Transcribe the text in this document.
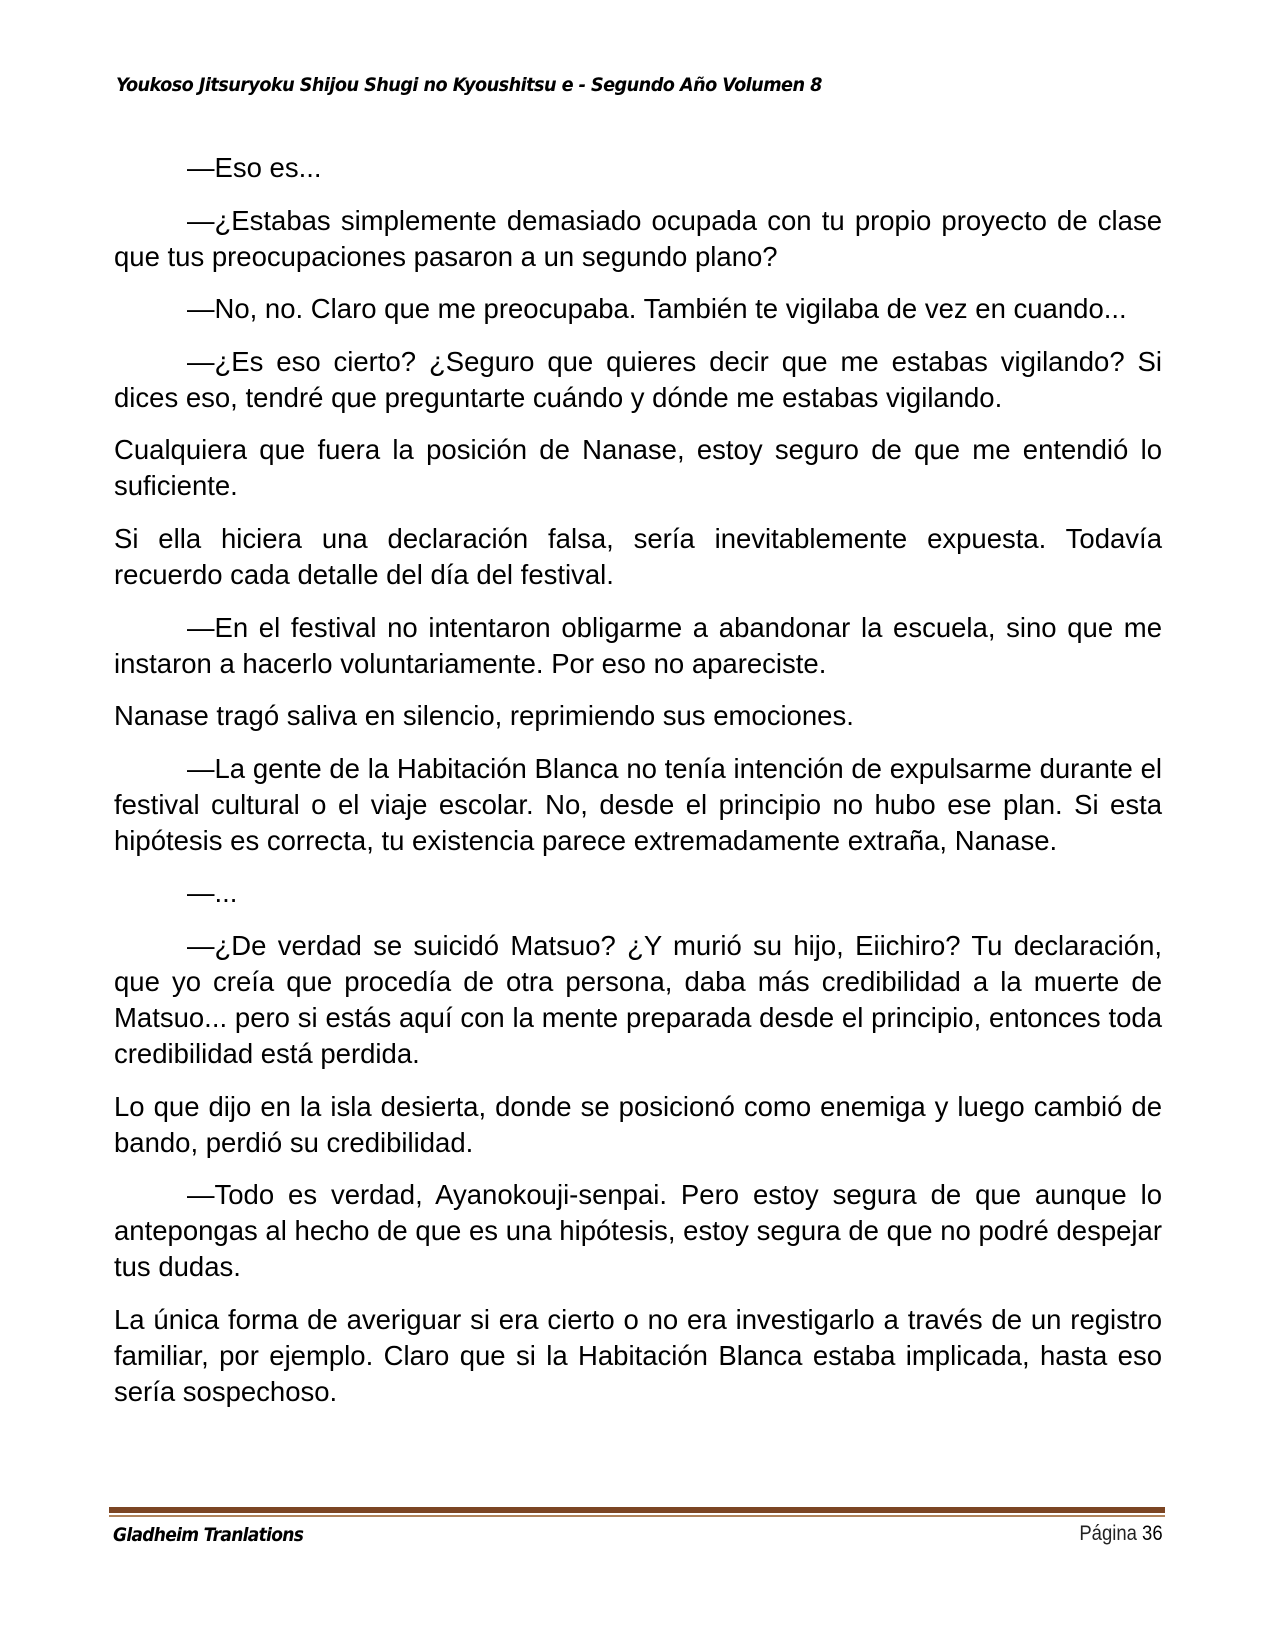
Youkoso Jitsuryoku Shijou Shugi no Kyoushitsu e - Segundo Año Volumen 8

—Eso es...

—¿Estabas simplemente demasiado ocupada con tu propio proyecto de clase que tus preocupaciones pasaron a un segundo plano?

—No, no. Claro que me preocupaba. También te vigilaba de vez en cuando...

—¿Es eso cierto? ¿Seguro que quieres decir que me estabas vigilando? Si dices eso, tendré que preguntarte cuándo y dónde me estabas vigilando.

Cualquiera que fuera la posición de Nanase, estoy seguro de que me entendió lo suficiente.

Si ella hiciera una declaración falsa, sería inevitablemente expuesta. Todavía recuerdo cada detalle del día del festival.

—En el festival no intentaron obligarme a abandonar la escuela, sino que me instaron a hacerlo voluntariamente. Por eso no apareciste.

Nanase tragó saliva en silencio, reprimiendo sus emociones.

—La gente de la Habitación Blanca no tenía intención de expulsarme durante el festival cultural o el viaje escolar. No, desde el principio no hubo ese plan. Si esta hipótesis es correcta, tu existencia parece extremadamente extraña, Nanase.

—...

—¿De verdad se suicidó Matsuo? ¿Y murió su hijo, Eiichiro? Tu declaración, que yo creía que procedía de otra persona, daba más credibilidad a la muerte de Matsuo... pero si estás aquí con la mente preparada desde el principio, entonces toda credibilidad está perdida.

Lo que dijo en la isla desierta, donde se posicionó como enemiga y luego cambió de bando, perdió su credibilidad.

—Todo es verdad, Ayanokouji-senpai. Pero estoy segura de que aunque lo antepongas al hecho de que es una hipótesis, estoy segura de que no podré despejar tus dudas.

La única forma de averiguar si era cierto o no era investigarlo a través de un registro familiar, por ejemplo. Claro que si la Habitación Blanca estaba implicada, hasta eso sería sospechoso.

Gladheim Tranlations	Página 36
